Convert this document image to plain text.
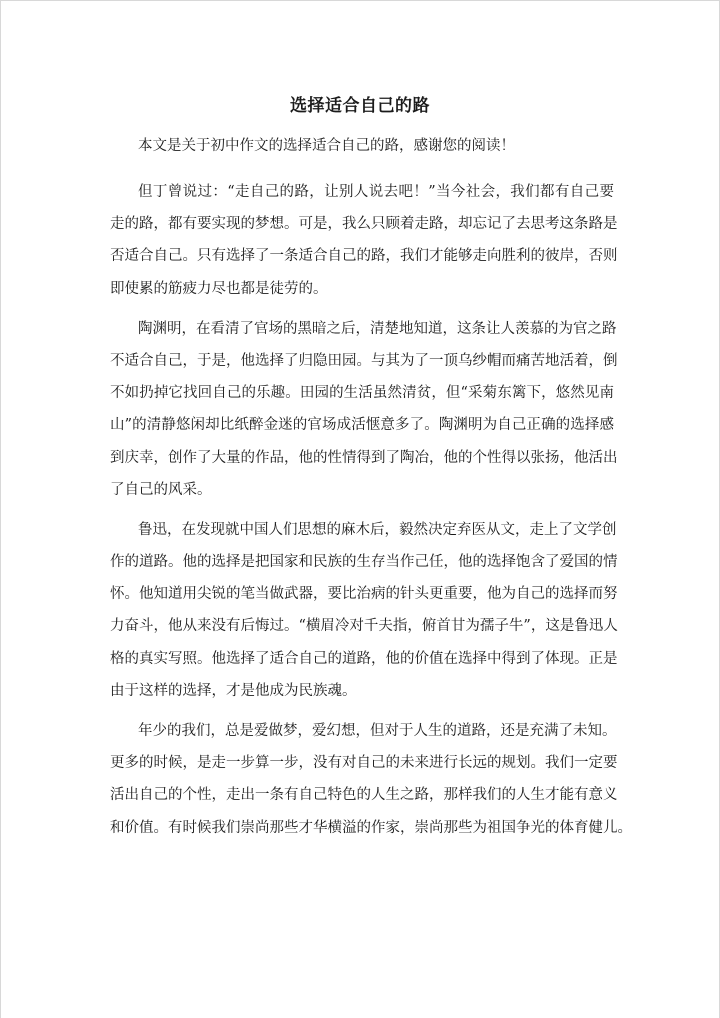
选择适合自己的路
本文是关于初中作文的选择适合自己的路，感谢您的阅读！
但丁曾说过：“走自己的路，让别人说去吧！”当今社会，我们都有自己要
走的路，都有要实现的梦想。可是，我么只顾着走路，却忘记了去思考这条路是
否适合自己。只有选择了一条适合自己的路，我们才能够走向胜利的彼岸，否则
即使累的筋疲力尽也都是徒劳的。
陶渊明，在看清了官场的黑暗之后，清楚地知道，这条让人羡慕的为官之路
不适合自己，于是，他选择了归隐田园。与其为了一顶乌纱帽而痛苦地活着，倒
不如扔掉它找回自己的乐趣。田园的生活虽然清贫，但“采菊东篱下，悠然见南
山”的清静悠闲却比纸醉金迷的官场成活惬意多了。陶渊明为自己正确的选择感
到庆幸，创作了大量的作品，他的性情得到了陶冶，他的个性得以张扬，他活出
了自己的风采。
鲁迅，在发现就中国人们思想的麻木后，毅然决定弃医从文，走上了文学创
作的道路。他的选择是把国家和民族的生存当作己任，他的选择饱含了爱国的情
怀。他知道用尖锐的笔当做武器，要比治病的针头更重要，他为自己的选择而努
力奋斗，他从来没有后悔过。“横眉冷对千夫指，俯首甘为孺子牛”，这是鲁迅人
格的真实写照。他选择了适合自己的道路，他的价值在选择中得到了体现。正是
由于这样的选择，才是他成为民族魂。
年少的我们，总是爱做梦，爱幻想，但对于人生的道路，还是充满了未知。
更多的时候，是走一步算一步，没有对自己的未来进行长远的规划。我们一定要
活出自己的个性，走出一条有自己特色的人生之路，那样我们的人生才能有意义
和价值。有时候我们崇尚那些才华横溢的作家，崇尚那些为祖国争光的体育健儿。
